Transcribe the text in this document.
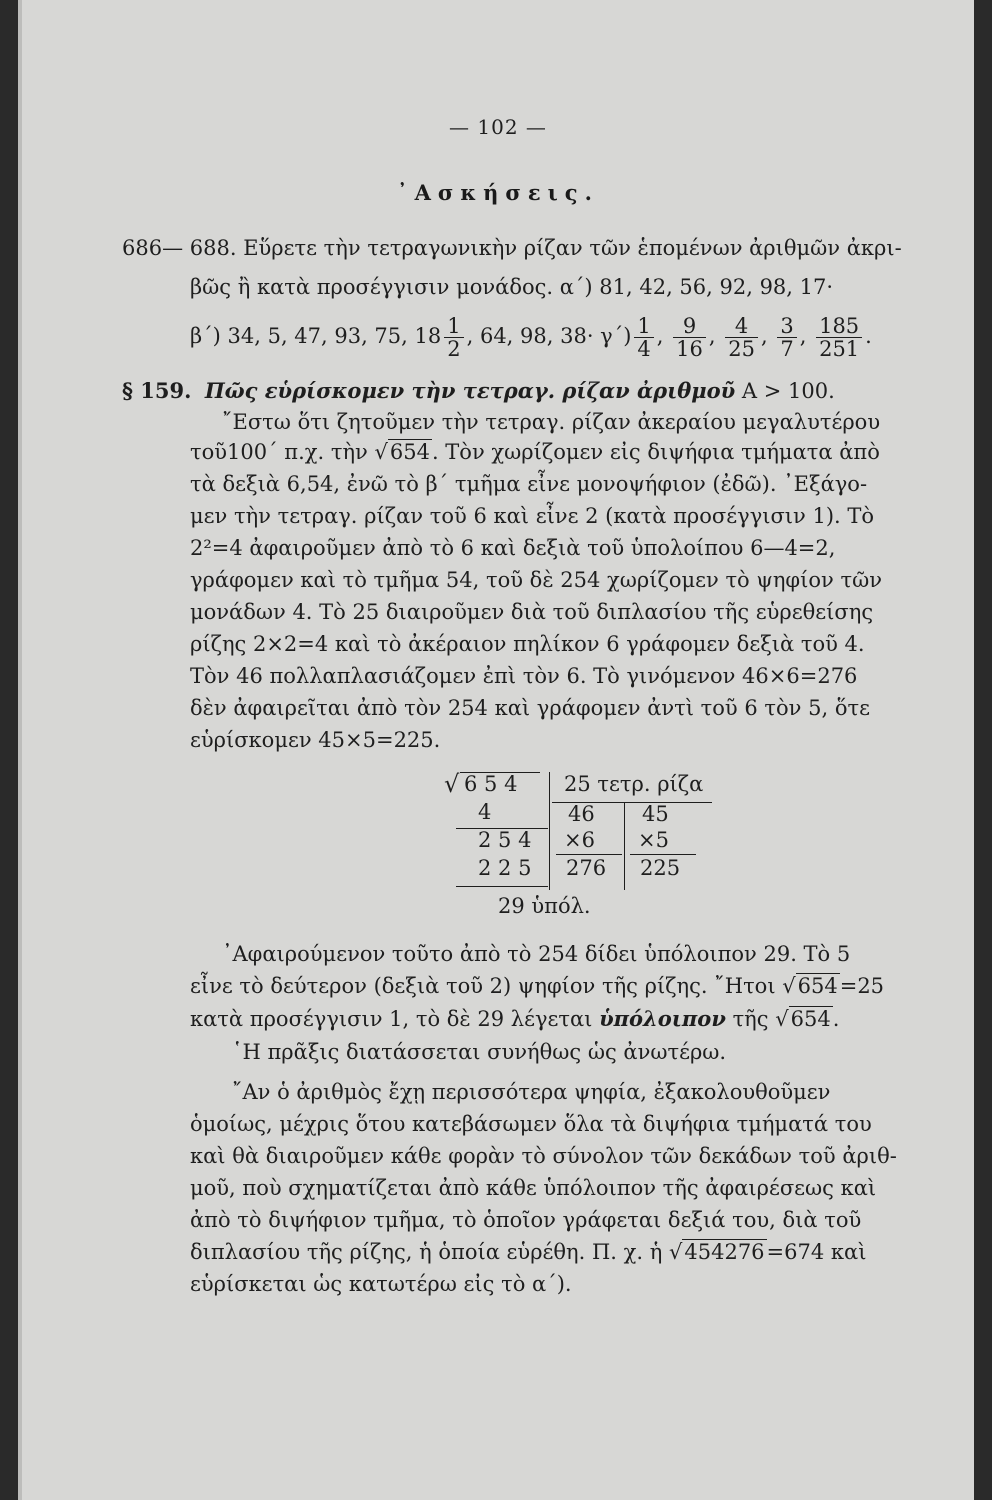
— 102 —
᾿Ασκήσεις.
686— 688. Εὕρετε τὴν τετραγωνικὴν ρίζαν τῶν ἑπομένων ἀριθμῶν ἀκρι-
βῶς ἢ κατὰ προσέγγισιν μονάδος. α΄) 81, 42, 56, 92, 98, 17·
β΄) 34, 5, 47, 93, 75, $18 \frac{1}{2}$ , 64, 98, $38\cdot \gamma΄) \frac{1}{4}$ , $\frac{9}{16}$ , $\frac{4}{25}$ , $\frac{3}{7}$ , $\frac{185}{251}$ .
§ 159. Πῶς εὑρίσκομεν τὴν τετραγ. ρίζαν ἀριθμοῦ Α > 100.
῎Εστω ὅτι ζητοῦμεν τὴν τετραγ. ρίζαν ἀκεραίου μεγαλυτέρου
τοῦ100΄ π.χ. τὴν √654. Τὸν χωρίζομεν εἰς διψήφια τμήματα ἀπὸ
τὰ δεξιὰ 6,54, ἐνῶ τὸ β΄ τμῆμα εἶνε μονοψήφιον (ἐδῶ). ᾿Εξάγο-
μεν τὴν τετραγ. ρίζαν τοῦ 6 καὶ εἶνε 2 (κατὰ προσέγγισιν 1). Τὸ
2²=4 ἀφαιροῦμεν ἀπὸ τὸ 6 καὶ δεξιὰ τοῦ ὑπολοίπου 6—4=2,
γράφομεν καὶ τὸ τμῆμα 54, τοῦ δὲ 254 χωρίζομεν τὸ ψηφίον τῶν
μονάδων 4. Τὸ 25 διαιροῦμεν διὰ τοῦ διπλασίου τῆς εὑρεθείσης
ρίζης 2×2=4 καὶ τὸ ἀκέραιον πηλίκον 6 γράφομεν δεξιὰ τοῦ 4.
Τὸν 46 πολλαπλασιάζομεν ἐπὶ τὸν 6. Τὸ γινόμενον 46×6=276
δὲν ἀφαιρεῖται ἀπὸ τὸν 254 καὶ γράφομεν ἀντὶ τοῦ 6 τὸν 5, ὅτε
εὑρίσκομεν 45×5=225.
√ 6 5 4 25 τετρ. ρίζα
4
2 5 4
2 2 5
46
×6
276
45
×5
225
29 ὑπόλ.
᾿Αφαιρούμενον τοῦτο ἀπὸ τὸ 254 δίδει ὑπόλοιπον 29. Τὸ 5
εἶνε τὸ δεύτερον (δεξιὰ τοῦ 2) ψηφίον τῆς ρίζης. ῎Ητοι √654=25
κατὰ προσέγγισιν 1, τὸ δὲ 29 λέγεται ὑπόλοιπον τῆς √654.
῾Η πρᾶξις διατάσσεται συνήθως ὡς ἀνωτέρω.
῎Αν ὁ ἀριθμὸς ἔχῃ περισσότερα ψηφία, ἐξακολουθοῦμεν
ὁμοίως, μέχρις ὅτου κατεβάσωμεν ὅλα τὰ διψήφια τμήματά του
καὶ θὰ διαιροῦμεν κάθε φορὰν τὸ σύνολον τῶν δεκάδων τοῦ ἀριθ-
μοῦ, ποὺ σχηματίζεται ἀπὸ κάθε ὑπόλοιπον τῆς ἀφαιρέσεως καὶ
ἀπὸ τὸ διψήφιον τμῆμα, τὸ ὁποῖον γράφεται δεξιά του, διὰ τοῦ
διπλασίου τῆς ρίζης, ἡ ὁποία εὑρέθη. Π. χ. ἡ √454276=674 καὶ
εὑρίσκεται ὡς κατωτέρω εἰς τὸ α΄).
